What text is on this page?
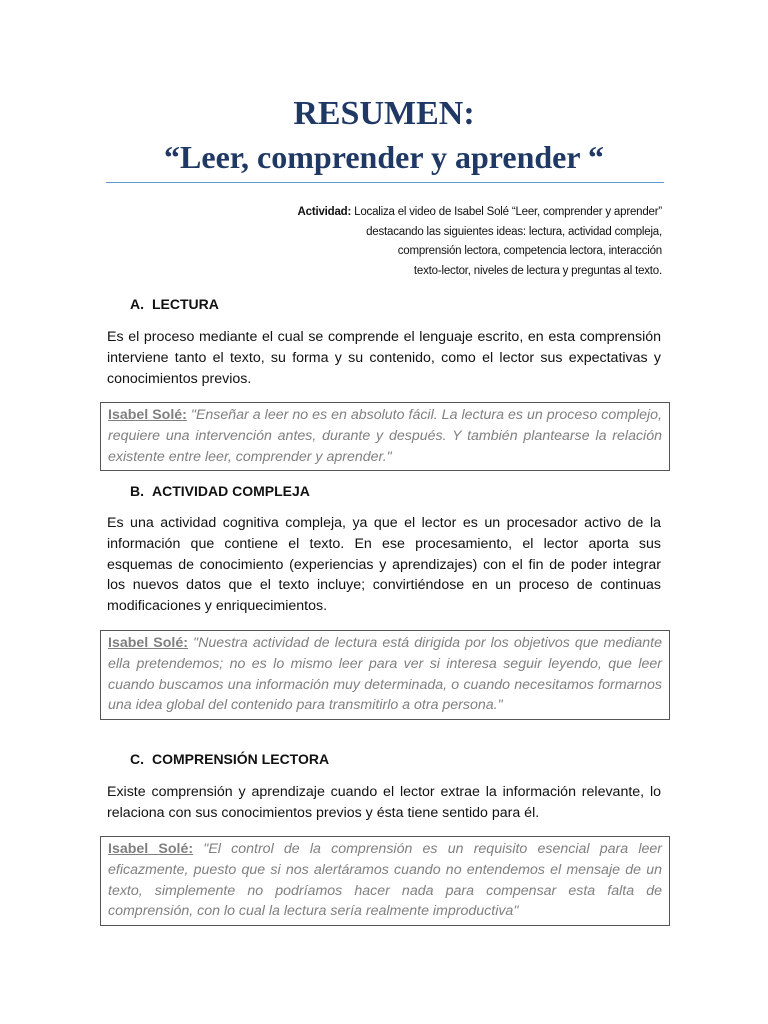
RESUMEN:
“Leer, comprender y aprender “
Actividad: Localiza el video de Isabel Solé “Leer, comprender y aprender”
destacando las siguientes ideas: lectura, actividad compleja,
comprensión lectora, competencia lectora, interacción
texto-lector, niveles de lectura y preguntas al texto.
A. LECTURA

Es el proceso mediante el cual se comprende el lenguaje escrito, en esta comprensión interviene tanto el texto, su forma y su contenido, como el lector sus expectativas y conocimientos previos.

Isabel Solé: "Enseñar a leer no es en absoluto fácil. La lectura es un proceso complejo, requiere una intervención antes, durante y después. Y también plantearse la relación existente entre leer, comprender y aprender."
B. ACTIVIDAD COMPLEJA

Es una actividad cognitiva compleja, ya que el lector es un procesador activo de la información que contiene el texto. En ese procesamiento, el lector aporta sus esquemas de conocimiento (experiencias y aprendizajes) con el fin de poder integrar los nuevos datos que el texto incluye; convirtiéndose en un proceso de continuas modificaciones y enriquecimientos.

Isabel Solé: "Nuestra actividad de lectura está dirigida por los objetivos que mediante ella pretendemos; no es lo mismo leer para ver si interesa seguir leyendo, que leer cuando buscamos una información muy determinada, o cuando necesitamos formarnos una idea global del contenido para transmitirlo a otra persona."
C. COMPRENSIÓN LECTORA

Existe comprensión y aprendizaje cuando el lector extrae la información relevante, lo relaciona con sus conocimientos previos y ésta tiene sentido para él.

Isabel Solé: "El control de la comprensión es un requisito esencial para leer eficazmente, puesto que si nos alertáramos cuando no entendemos el mensaje de un texto, simplemente no podríamos hacer nada para compensar esta falta de comprensión, con lo cual la lectura sería realmente improductiva"
